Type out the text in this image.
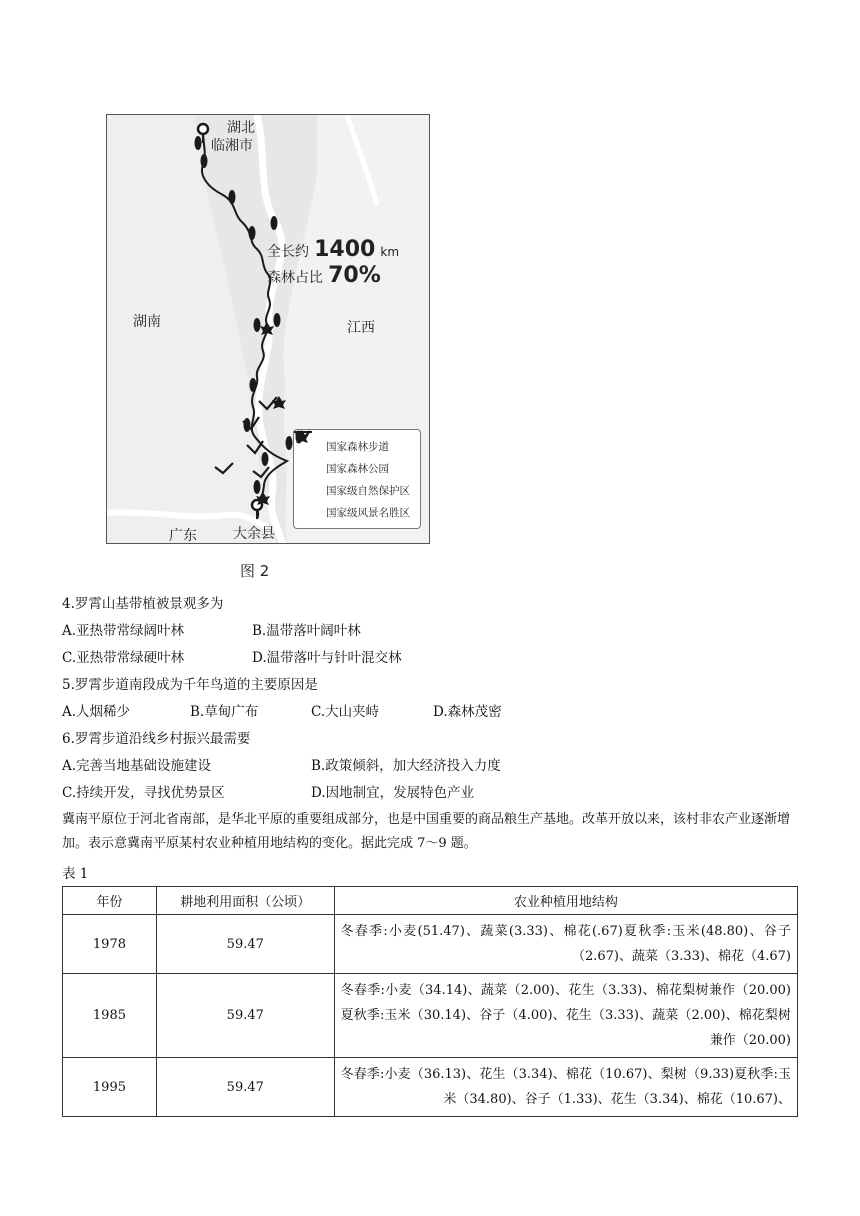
湖北
临湘市
湖南	江西
广东	大余县
全长约 1400 km
森林占比 70%
国家森林步道
国家森林公园
国家级自然保护区
国家级风景名胜区
图 2
4.罗霄山基带植被景观多为
A.亚热带常绿阔叶林	B.温带落叶阔叶林
C.亚热带常绿硬叶林	D.温带落叶与针叶混交林
5.罗霄步道南段成为千年鸟道的主要原因是
A.人烟稀少	B.草甸广布	C.大山夹峙	D.森林茂密
6.罗霄步道沿线乡村振兴最需要
A.完善当地基础设施建设	B.政策倾斜，加大经济投入力度
C.持续开发，寻找优势景区	D.因地制宜，发展特色产业
冀南平原位于河北省南部，是华北平原的重要组成部分，也是中国重要的商品粮生产基地。改革开放以来，该村非农产业逐渐增加。表示意冀南平原某村农业种植用地结构的变化。据此完成 7～9 题。
表 1
年份	耕地利用面积（公顷）	农业种植用地结构
1978	59.47	冬春季:小麦(51.47)、蔬菜(3.33)、棉花(.67)夏秋季:玉米(48.80)、谷子（2.67)、蔬菜（3.33)、棉花（4.67)
1985	59.47	冬春季:小麦（34.14)、蔬菜（2.00)、花生（3.33)、棉花梨树兼作（20.00)夏秋季:玉米（30.14)、谷子（4.00)、花生（3.33)、蔬菜（2.00)、棉花梨树兼作（20.00)
1995	59.47	冬春季:小麦（36.13)、花生（3.34)、棉花（10.67)、梨树（9.33)夏秋季:玉米（34.80)、谷子（1.33)、花生（3.34)、棉花（10.67)、
